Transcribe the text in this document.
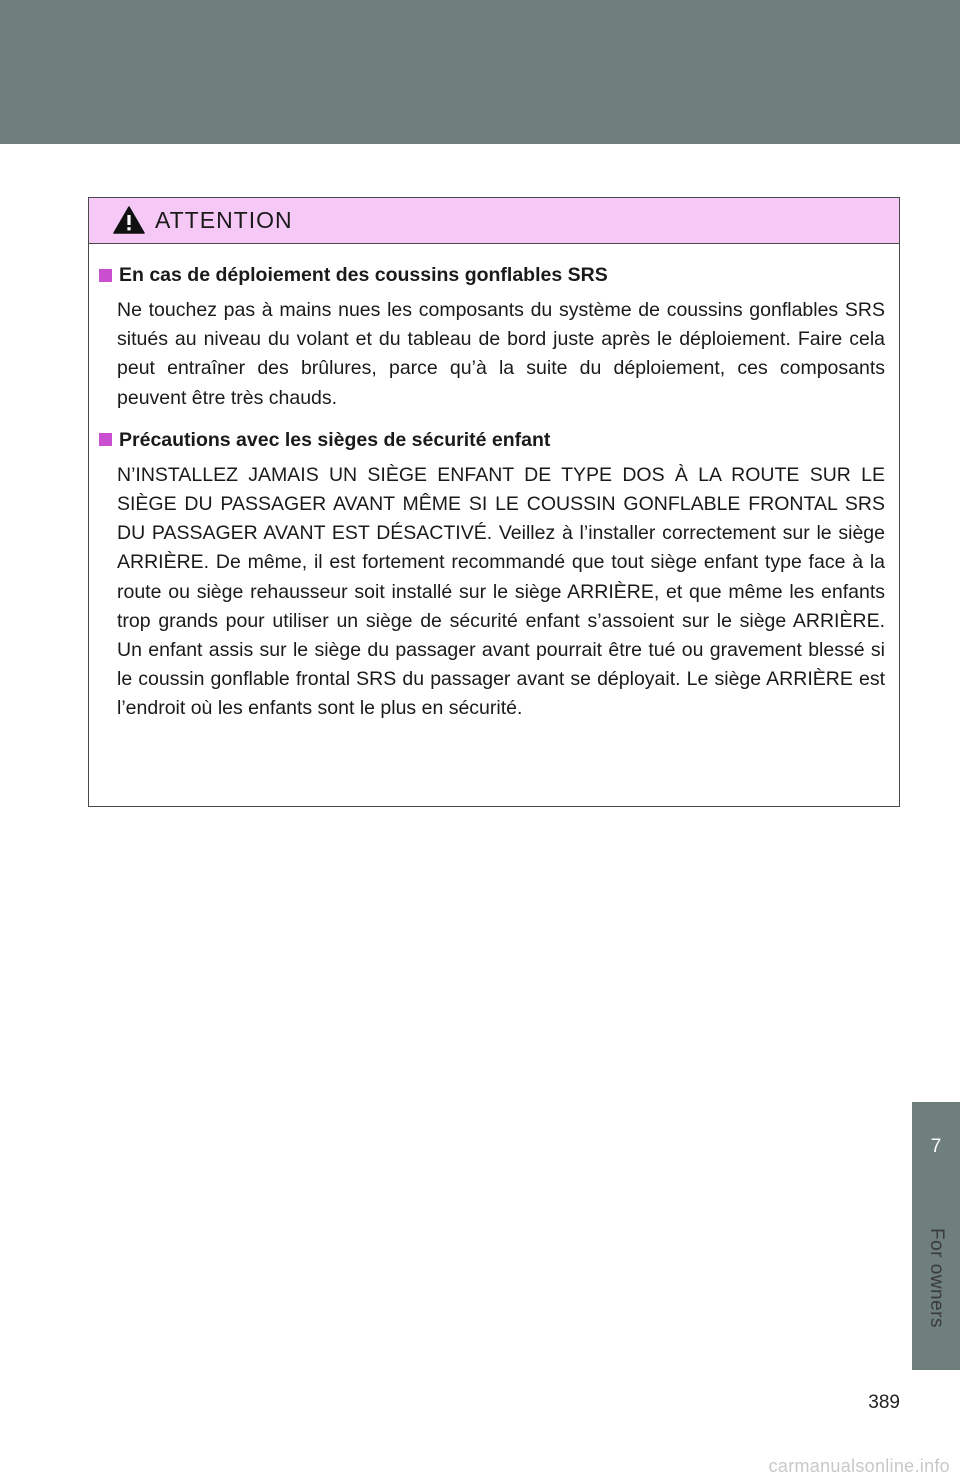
ATTENTION
En cas de déploiement des coussins gonflables SRS
Ne touchez pas à mains nues les composants du système de coussins gonflables SRS situés au niveau du volant et du tableau de bord juste après le déploiement. Faire cela peut entraîner des brûlures, parce qu’à la suite du déploiement, ces composants peuvent être très chauds.
Précautions avec les sièges de sécurité enfant
N’INSTALLEZ JAMAIS UN SIÈGE ENFANT DE TYPE DOS À LA ROUTE SUR LE SIÈGE DU PASSAGER AVANT MÊME SI LE COUSSIN GONFLABLE FRONTAL SRS DU PASSAGER AVANT EST DÉSACTIVÉ. Veillez à l’installer correctement sur le siège ARRIÈRE. De même, il est fortement recommandé que tout siège enfant type face à la route ou siège rehausseur soit installé sur le siège ARRIÈRE, et que même les enfants trop grands pour utiliser un siège de sécurité enfant s’assoient sur le siège ARRIÈRE. Un enfant assis sur le siège du passager avant pourrait être tué ou gravement blessé si le coussin gonflable frontal SRS du passager avant se déployait. Le siège ARRIÈRE est l’endroit où les enfants sont le plus en sécurité.
7
For owners
389
carmanualsonline.info
